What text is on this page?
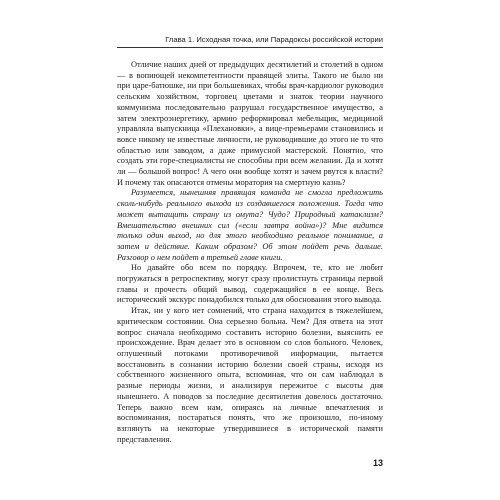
Глава 1. Исходная точка, или Парадоксы российской истории

Отличие наших дней от предыдущих десятилетий и столетий в одном — в вопиющей некомпетентности правящей элиты. Такого не было ни при царе-батюшке, ни при большевиках, чтобы врач-кардиолог руководил сельским хозяйством, торговец цветами и знаток теории научного коммунизма последовательно разрушал государственное имущество, а затем электроэнергетику, армию реформировал мебельщик, медициной управляла выпускница «Плехановки», а вице-премьерами становились и вовсе никому не известные личности, не руководившие до этого не то что областью или заводом, а даже примусной мастерской. Понятно, что создать эти горе-специалисты не способны при всем желании. Да и хотят ли — большой вопрос! А чего они вообще хотят и зачем рвутся к власти? И почему так опасаются отмены моратория на смертную казнь?

Разумеется, нынешняя правящая команда не смогла предложить сколь-нибудь реального выхода из создавшегося положения. Тогда что может вытащить страну из омута? Чудо? Природный катаклизм? Вмешательство внешних сил («если завтра война»)? Мне видится только один выход, но для этого необходимо реальное понимание, а затем и действие. Каким образом? Об этом пойдет речь дальше. Разговор о нем пойдет в третьей главе книги.

Но давайте обо всем по порядку. Впрочем, те, кто не любит погружаться в ретроспективу, могут сразу пролистнуть страницы первой главы и прочесть общий вывод, содержащийся в ее конце. Весь исторический экскурс понадобился только для обоснования этого вывода.

Итак, ни у кого нет сомнений, что страна находится в тяжелейшем, критическом состоянии. Она серьезно больна. Чем? Для ответа на этот вопрос сначала необходимо составить историю болезни, выяснить ее происхождение. Врач делает это в основном со слов больного. Человек, оглушенный потоками противоречивой информации, пытается восстановить в сознании историю болезни своей страны, исходя из собственного жизненного опыта, вспоминая, что он сам наблюдал в разные периоды жизни, и анализируя пережитое с высоты дня нынешнего. А поводов за последние десятилетия довелось достаточно. Теперь важно всем нам, опираясь на личные впечатления и воспоминания, постараться понять, что же произошло, по-иному взглянуть на некоторые утвердившиеся в исторической памяти представления.

13
